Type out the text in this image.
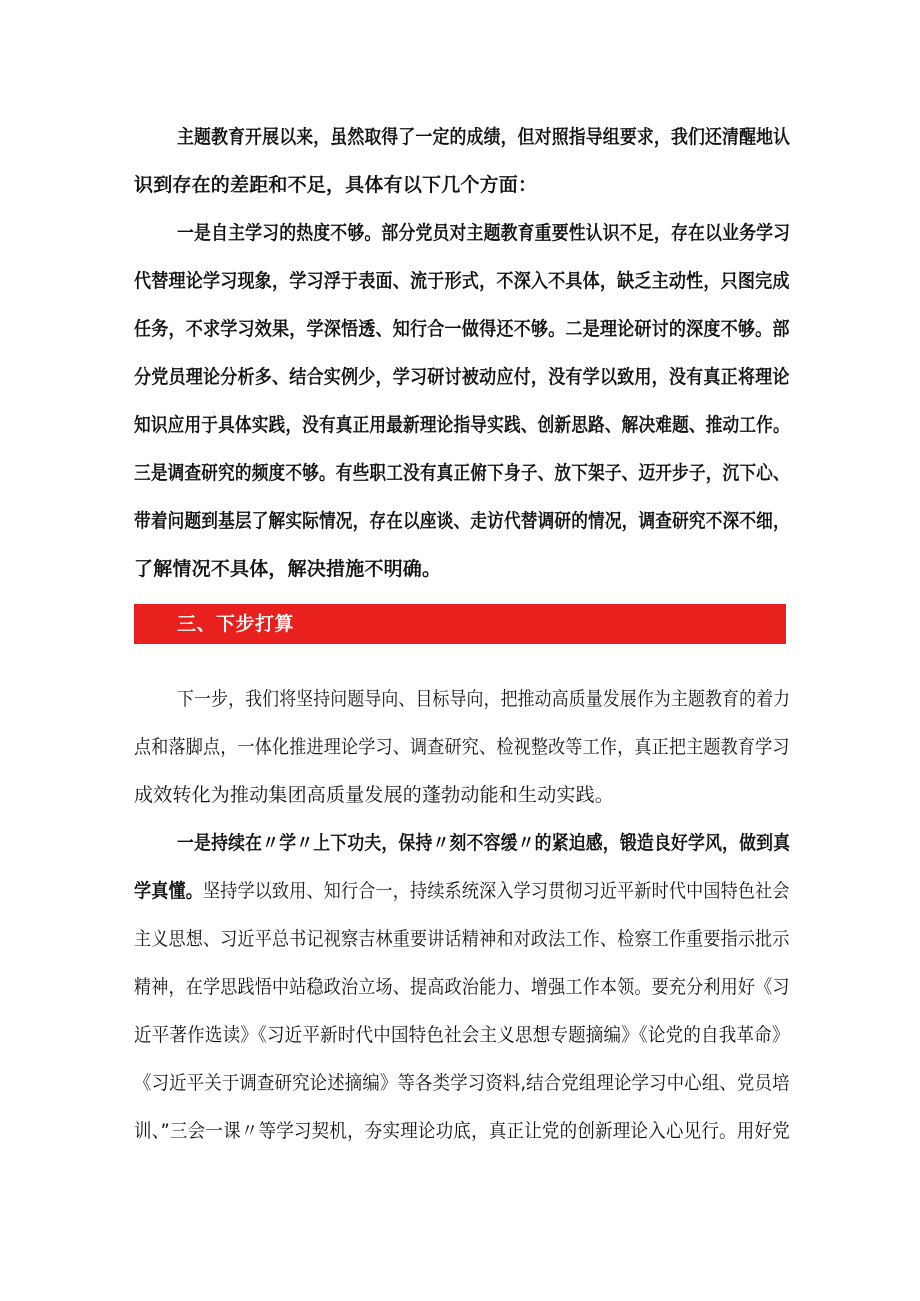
主题教育开展以来，虽然取得了一定的成绩，但对照指导组要求，我们还清醒地认
识到存在的差距和不足，具体有以下几个方面：
一是自主学习的热度不够。部分党员对主题教育重要性认识不足，存在以业务学习
代替理论学习现象，学习浮于表面、流于形式，不深入不具体，缺乏主动性，只图完成
任务，不求学习效果，学深悟透、知行合一做得还不够。二是理论研讨的深度不够。部
分党员理论分析多、结合实例少，学习研讨被动应付，没有学以致用，没有真正将理论
知识应用于具体实践，没有真正用最新理论指导实践、创新思路、解决难题、推动工作。
三是调查研究的频度不够。有些职工没有真正俯下身子、放下架子、迈开步子，沉下心、
带着问题到基层了解实际情况，存在以座谈、走访代替调研的情况，调查研究不深不细，
了解情况不具体，解决措施不明确。
三、下步打算
下一步，我们将坚持问题导向、目标导向，把推动高质量发展作为主题教育的着力
点和落脚点，一体化推进理论学习、调查研究、检视整改等工作，真正把主题教育学习
成效转化为推动集团高质量发展的蓬勃动能和生动实践。
一是持续在〃学〃上下功夫，保持〃刻不容缓〃的紧迫感，锻造良好学风，做到真
学真懂。坚持学以致用、知行合一，持续系统深入学习贯彻习近平新时代中国特色社会
主义思想、习近平总书记视察吉林重要讲话精神和对政法工作、检察工作重要指示批示
精神，在学思践悟中站稳政治立场、提高政治能力、增强工作本领。要充分利用好《习
近平著作选读》《习近平新时代中国特色社会主义思想专题摘编》《论党的自我革命》
《习近平关于调查研究论述摘编》等各类学习资料,结合党组理论学习中心组、党员培
训、”三会一课〃等学习契机，夯实理论功底，真正让党的创新理论入心见行。用好党
